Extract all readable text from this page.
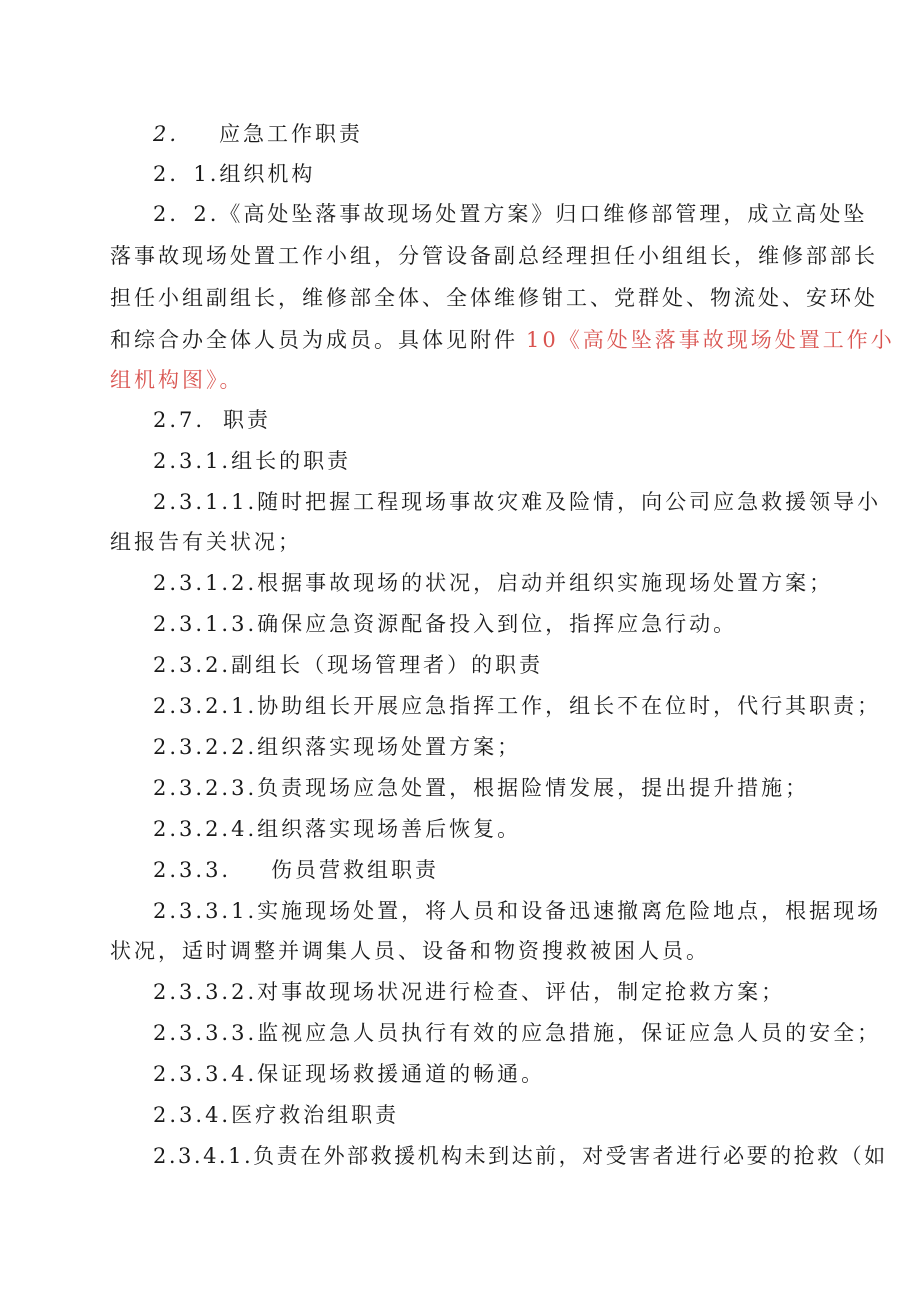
2. 应急工作职责
2．1.组织机构
2．2.《高处坠落事故现场处置方案》归口维修部管理，成立高处坠
落事故现场处置工作小组，分管设备副总经理担任小组组长，维修部部长
担任小组副组长，维修部全体、全体维修钳工、党群处、物流处、安环处
和综合办全体人员为成员。具体见附件 10《高处坠落事故现场处置工作小
组机构图》。
2.7. 职责
2.3.1.组长的职责
2.3.1.1.随时把握工程现场事故灾难及险情，向公司应急救援领导小
组报告有关状况；
2.3.1.2.根据事故现场的状况，启动并组织实施现场处置方案；
2.3.1.3.确保应急资源配备投入到位，指挥应急行动。
2.3.2.副组长（现场管理者）的职责
2.3.2.1.协助组长开展应急指挥工作，组长不在位时，代行其职责；
2.3.2.2.组织落实现场处置方案；
2.3.2.3.负责现场应急处置，根据险情发展，提出提升措施；
2.3.2.4.组织落实现场善后恢复。
2.3.3. 伤员营救组职责
2.3.3.1.实施现场处置，将人员和设备迅速撤离危险地点，根据现场
状况，适时调整并调集人员、设备和物资搜救被困人员。
2.3.3.2.对事故现场状况进行检查、评估，制定抢救方案；
2.3.3.3.监视应急人员执行有效的应急措施，保证应急人员的安全；
2.3.3.4.保证现场救援通道的畅通。
2.3.4.医疗救治组职责
2.3.4.1.负责在外部救援机构未到达前，对受害者进行必要的抢救（如
